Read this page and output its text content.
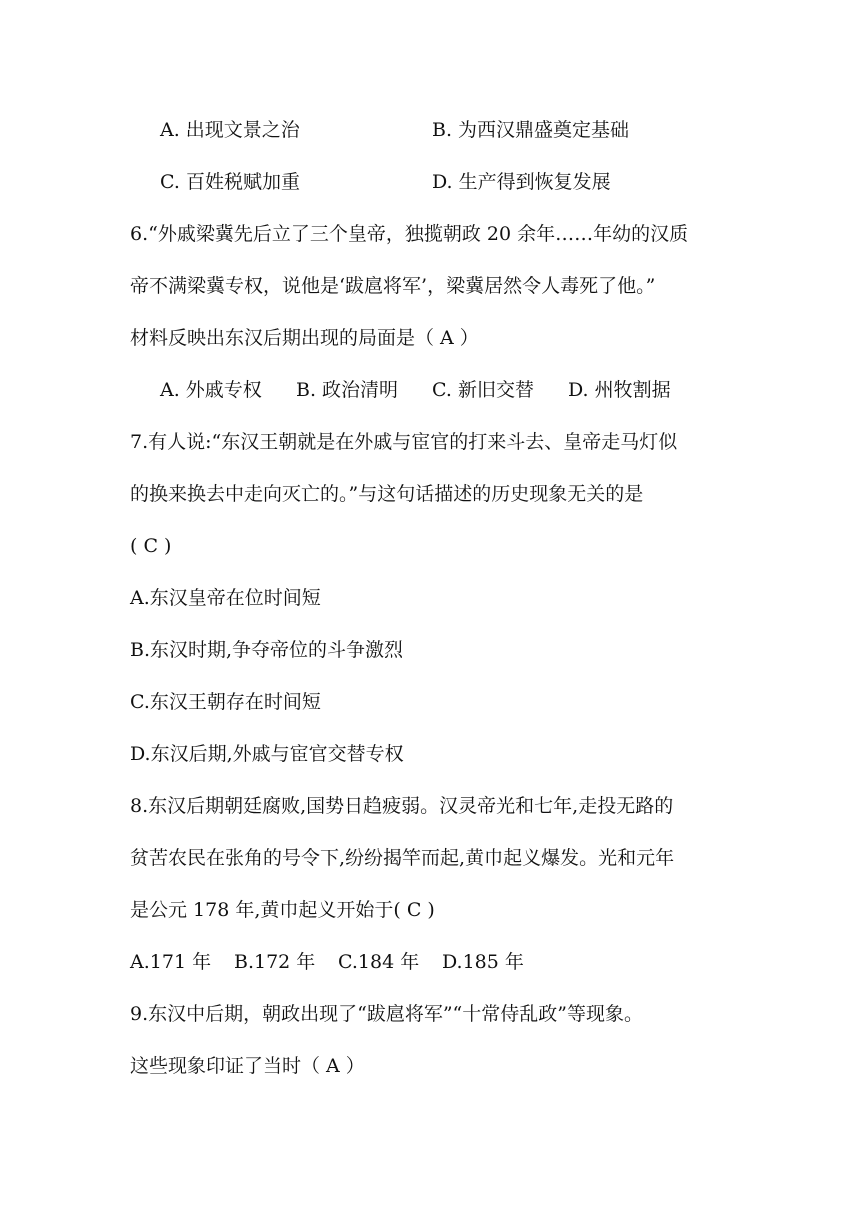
A. 出现文景之治	B. 为西汉鼎盛奠定基础
C. 百姓税赋加重	D. 生产得到恢复发展
6.“外戚梁冀先后立了三个皇帝，独揽朝政 20 余年……年幼的汉质
帝不满梁冀专权，说他是‘跋扈将军’，梁冀居然令人毒死了他。”
材料反映出东汉后期出现的局面是（ A ）
A. 外戚专权 B. 政治清明 C. 新旧交替 D. 州牧割据
7.有人说:“东汉王朝就是在外戚与宦官的打来斗去、皇帝走马灯似
的换来换去中走向灭亡的。”与这句话描述的历史现象无关的是
( C )
A.东汉皇帝在位时间短
B.东汉时期,争夺帝位的斗争激烈
C.东汉王朝存在时间短
D.东汉后期,外戚与宦官交替专权
8.东汉后期朝廷腐败,国势日趋疲弱。汉灵帝光和七年,走投无路的
贫苦农民在张角的号令下,纷纷揭竿而起,黄巾起义爆发。光和元年
是公元 178 年,黄巾起义开始于( C )
A.171 年 B.172 年 C.184 年 D.185 年
9.东汉中后期，朝政出现了“跋扈将军”“十常侍乱政”等现象。
这些现象印证了当时（ A ）
